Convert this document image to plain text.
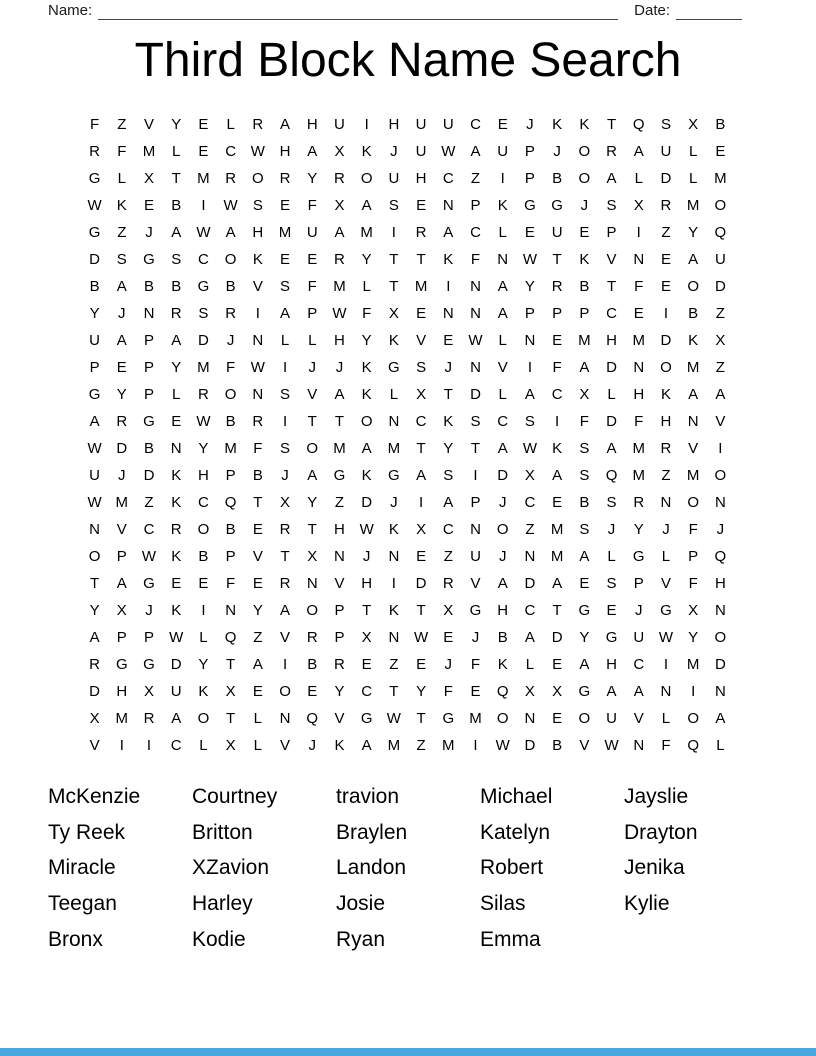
Name:	Date:
Third Block Name Search
F	Z	V	Y	E	L	R	A	H	U	I	H	U	U	C	E	J	K	K	T	Q	S	X	B
R	F	M	L	E	C W H	A	X	K	J	U W	A	U	P	J	O	R	A	U	L	E
G	L	X	T	M	R	O	R	Y	R	O	U	H	C	Z	I	P	B	O	A	L	D	L	M
W	K	E	B	I	W	S	E	F	X	A	S	E	N	P	K	G	G	J	S	X	R	M	O
G	Z	J	A	W	A	H	M	U	A	M	I	R	A	C	L	E	U	E	P	I	Z	Y	Q
D	S	G	S	C	O	K	E	E	R	Y	T	T	K	F	N W	T	K	V	N	E	A	U
B	A	B	B	G	B	V	S	F	M	L	T	M	I	N	A	Y	R	B	T	F	E	O	D
Y	J	N	R	S	R	I	A	P	W	F	X	E	N	N	A	P	P	P	C	E	I	B	Z
U	A	P	A	D	J	N	L	L	H	Y	K	V	E	W	L	N	E	M	H	M	D	K	X
P	E	P	Y	M	F	W	I	J	J	K	G	S	J	N	V	I	F	A	D	N	O	M	Z
G	Y	P	L	R	O	N	S	V	A	K	L	X	T	D	L	A	C	X	L	H	K	A	A
A	R	G	E	W	B	R	I	T	T	O	N	C	K	S	C	S	I	F	D	F	H	N	V
W D	B	N	Y	M	F	S	O	M	A	M	T	Y	T	A	W	K	S	A	M	R	V	I
U	J	D	K	H	P	B	J	A	G	K	G	A	S	I	D	X	A	S	Q	M	Z	M	O
W M	Z	K	C	Q	T	X	Y	Z	D	J	I	A	P	J	C	E	B	S	R	N	O	N
N	V	C	R	O	B	E	R	T	H W	K	X	C	N	O	Z	M	S	J	Y	J	F	J
O	P	W	K	B	P	V	T	X	N	J	N	E	Z	U	J	N	M	A	L	G	L	P	Q
T	A	G	E	E	F	E	R	N	V	H	I	D	R	V	A	D	A	E	S	P	V	F	H
Y	X	J	K	I	N	Y	A	O	P	T	K	T	X	G	H	C	T	G	E	J	G	X	N
A	P	P	W	L	Q	Z	V	R	P	X	N W	E	J	B	A	D	Y	G	U W	Y	O
R	G	G	D	Y	T	A	I	B	R	E	Z	E	J	F	K	L	E	A	H	C	I	M	D
D	H	X	U	K	X	E	O	E	Y	C	T	Y	F	E	Q	X	X	G	A	A	N	I	N
X	M	R	A	O	T	L	N	Q	V	G W	T	G	M	O	N	E	O	U	V	L	O	A
V	I	I	C	L	X	L	V	J	K	A	M	Z	M	I	W D	B	V	W N	F	Q	L
McKenzie	Courtney	travion	Michael	Jayslie
Ty Reek	Britton	Braylen	Katelyn	Drayton
Miracle	XZavion	Landon	Robert	Jenika
Teegan	Harley	Josie	Silas	Kylie
Bronx	Kodie	Ryan	Emma
